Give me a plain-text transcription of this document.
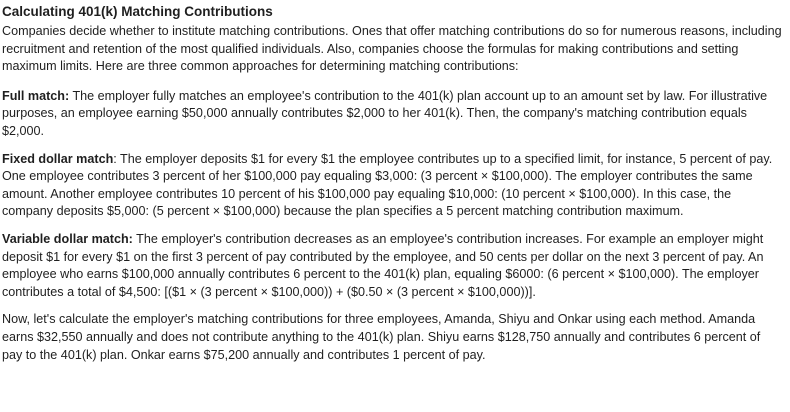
Calculating 401(k) Matching Contributions

Companies decide whether to institute matching contributions. Ones that offer matching contributions do so for numerous reasons, including recruitment and retention of the most qualified individuals. Also, companies choose the formulas for making contributions and setting maximum limits. Here are three common approaches for determining matching contributions:

Full match: The employer fully matches an employee's contribution to the 401(k) plan account up to an amount set by law. For illustrative purposes, an employee earning $50,000 annually contributes $2,000 to her 401(k). Then, the company's matching contribution equals $2,000.

Fixed dollar match: The employer deposits $1 for every $1 the employee contributes up to a specified limit, for instance, 5 percent of pay. One employee contributes 3 percent of her $100,000 pay equaling $3,000: (3 percent × $100,000). The employer contributes the same amount. Another employee contributes 10 percent of his $100,000 pay equaling $10,000: (10 percent × $100,000). In this case, the company deposits $5,000: (5 percent × $100,000) because the plan specifies a 5 percent matching contribution maximum.

Variable dollar match: The employer's contribution decreases as an employee's contribution increases. For example an employer might deposit $1 for every $1 on the first 3 percent of pay contributed by the employee, and 50 cents per dollar on the next 3 percent of pay. An employee who earns $100,000 annually contributes 6 percent to the 401(k) plan, equaling $6000: (6 percent × $100,000). The employer contributes a total of $4,500: [($1 × (3 percent × $100,000)) + ($0.50 × (3 percent × $100,000))].

Now, let's calculate the employer's matching contributions for three employees, Amanda, Shiyu and Onkar using each method. Amanda earns $32,550 annually and does not contribute anything to the 401(k) plan. Shiyu earns $128,750 annually and contributes 6 percent of pay to the 401(k) plan. Onkar earns $75,200 annually and contributes 1 percent of pay.
